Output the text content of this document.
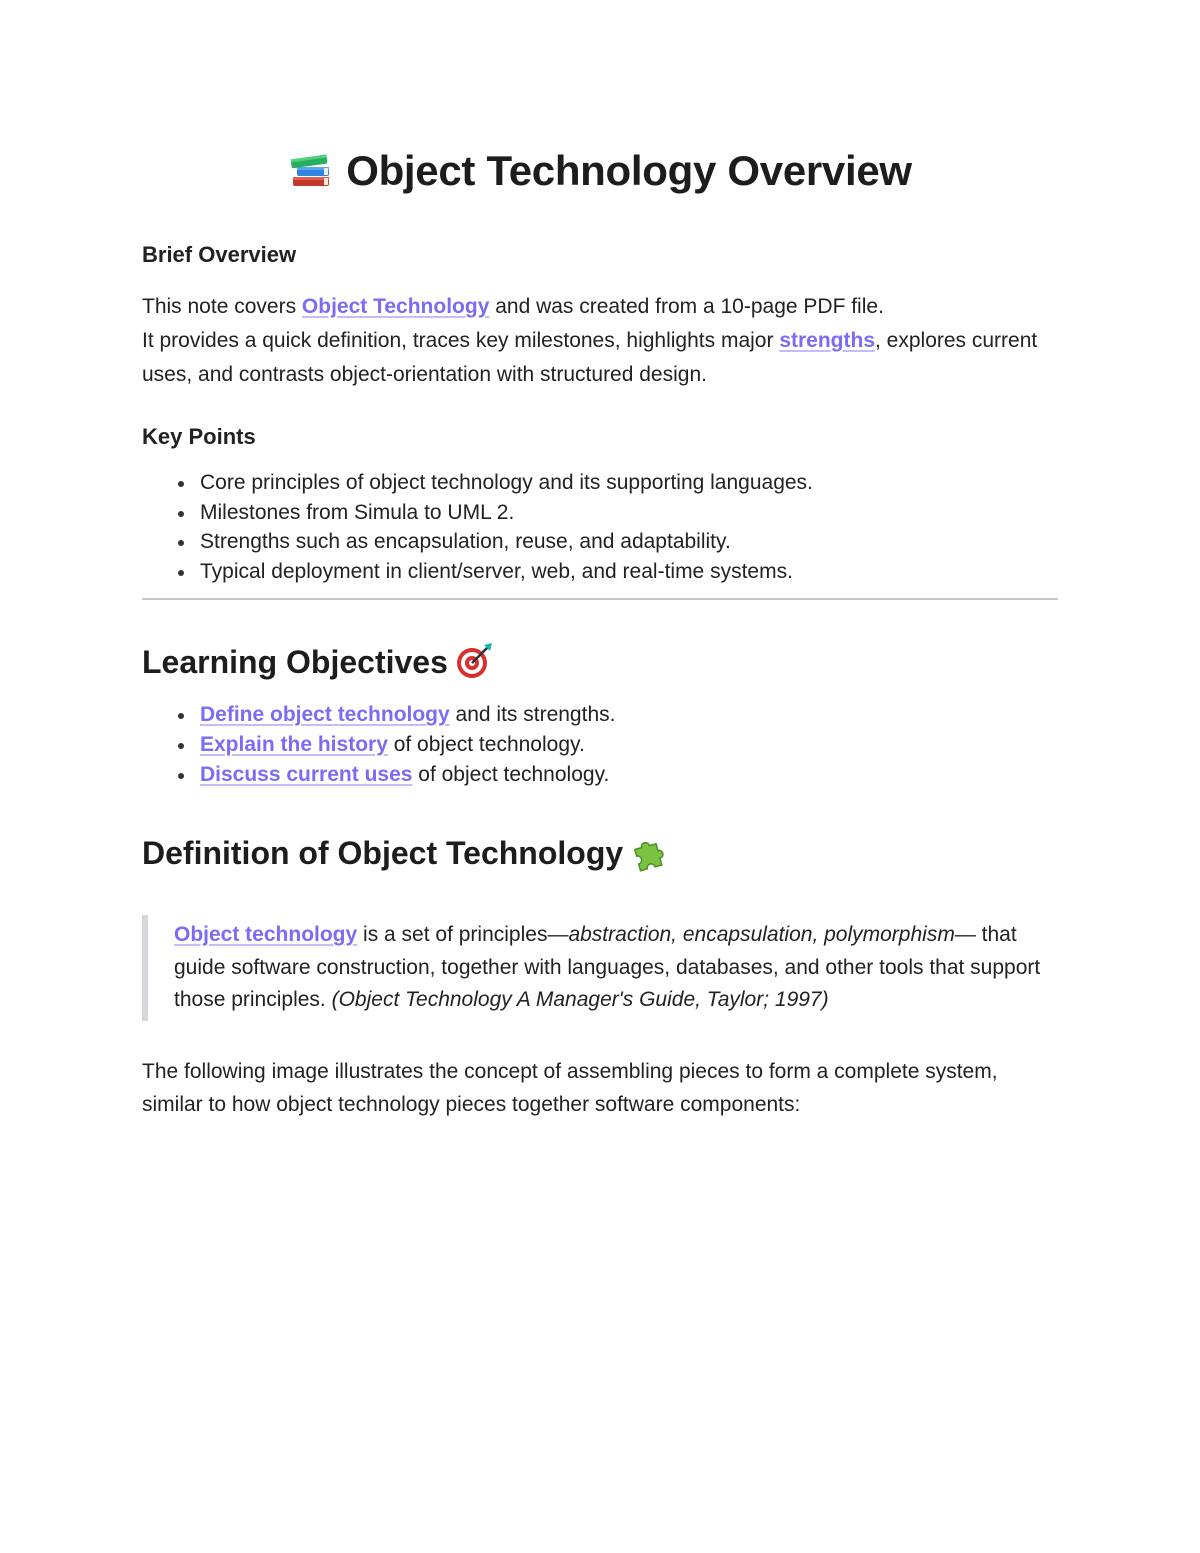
Object Technology Overview
Brief Overview

This note covers Object Technology and was created from a 10-page PDF file.
It provides a quick definition, traces key milestones, highlights major strengths, explores current uses, and contrasts object-orientation with structured design.

Key Points
Core principles of object technology and its supporting languages.
Milestones from Simula to UML 2.
Strengths such as encapsulation, reuse, and adaptability.
Typical deployment in client/server, web, and real-time systems.
Learning Objectives
Define object technology and its strengths.
Explain the history of object technology.
Discuss current uses of object technology.
Definition of Object Technology
Object technology is a set of principles—abstraction, encapsulation, polymorphism— that guide software construction, together with languages, databases, and other tools that support those principles. (Object Technology A Manager's Guide, Taylor; 1997)

The following image illustrates the concept of assembling pieces to form a complete system, similar to how object technology pieces together software components:
